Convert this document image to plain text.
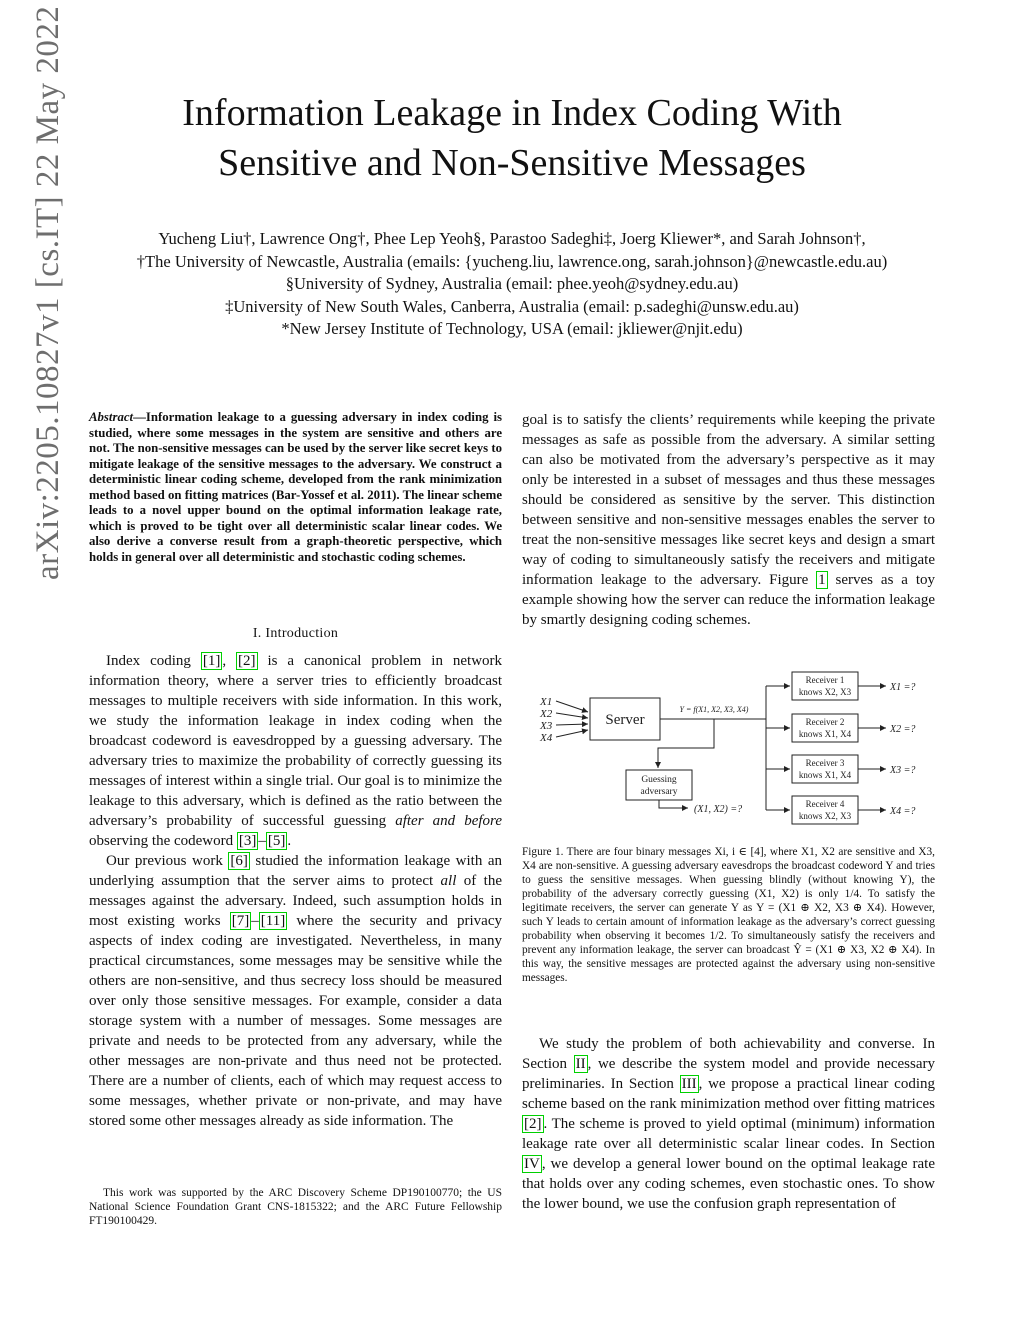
Information Leakage in Index Coding With
Sensitive and Non-Sensitive Messages
Yucheng Liu†, Lawrence Ong†, Phee Lep Yeoh§, Parastoo Sadeghi‡, Joerg Kliewer*, and Sarah Johnson†,
†The University of Newcastle, Australia (emails: {yucheng.liu, lawrence.ong, sarah.johnson}@newcastle.edu.au)
§University of Sydney, Australia (email: phee.yeoh@sydney.edu.au)
‡University of New South Wales, Canberra, Australia (email: p.sadeghi@unsw.edu.au)
*New Jersey Institute of Technology, USA (email: jkliewer@njit.edu)
arXiv:2205.10827v1 [cs.IT] 22 May 2022 Abstract—Information leakage to a guessing adversary in index coding is studied, where some messages in the system are sensitive and others are not. The non-sensitive messages can be used by the server like secret keys to mitigate leakage of the sensitive messages to the adversary. We construct a deterministic linear coding scheme, developed from the rank minimization method based on fitting matrices (Bar-Yossef et al. 2011). The linear scheme leads to a novel upper bound on the optimal information leakage rate, which is proved to be tight over all deterministic scalar linear codes. We also derive a converse result from a graph-theoretic perspective, which holds in general over all deterministic and stochastic coding schemes.
I. Introduction

Index coding [1] , [2] is a canonical problem in network information theory, where a server tries to efficiently broadcast messages to multiple receivers with side information. In this work, we study the information leakage in index coding when the broadcast codeword is eavesdropped by a guessing adversary. The adversary tries to maximize the probability of correctly guessing its messages of interest within a single trial. Our goal is to minimize the leakage to this adversary, which is defined as the ratio between the adversary’s probability of successful guessing after and before observing the codeword [3] – [5] .

Our previous work [6] studied the information leakage with an underlying assumption that the server aims to protect all of the messages against the adversary. Indeed, such assumption holds in most existing works [7] – [11] where the security and privacy aspects of index coding are investigated. Nevertheless, in many practical circumstances, some messages may be sensitive while the others are non-sensitive, and thus secrecy loss should be measured over only those sensitive messages. For example, consider a data storage system with a number of messages. Some messages are private and needs to be protected from any adversary, while the other messages are non-private and thus need not be protected. There are a number of clients, each of which may request access to some messages, whether private or non-private, and may have stored some other messages already as side information. The

This work was supported by the ARC Discovery Scheme DP190100770; the US National Science Foundation Grant CNS-1815322; and the ARC Future Fellowship FT190100429.
goal is to satisfy the clients’ requirements while keeping the private messages as safe as possible from the adversary. A similar setting can also be motivated from the adversary’s perspective as it may only be interested in a subset of messages and thus these messages should be considered as sensitive by the server. This distinction between sensitive and non-sensitive messages enables the server to treat the non-sensitive messages like secret keys and design a smart way of coding to simultaneously satisfy the receivers and mitigate information leakage to the adversary. Figure 1 serves as a toy example showing how the server can reduce the information leakage by smartly designing coding schemes.
X1
X2
X3
X4
Server
Y = f(X1, X2, X3, X4)
Guessing
adversary
(X1, X2) =?
Receiver 1
knows X2, X3	X1 =?
Receiver 2
knows X1, X4	X2 =?
Receiver 3
knows X1, X4	X3 =?
Receiver 4
knows X2, X3	X4 =?
Figure 1. There are four binary messages Xi, i ∈ [4], where X1, X2 are sensitive and X3, X4 are non-sensitive. A guessing adversary eavesdrops the broadcast codeword Y and tries to guess the sensitive messages. When guessing blindly (without knowing Y), the probability of the adversary correctly guessing (X1, X2) is only 1/4. To satisfy the legitimate receivers, the server can generate Y as Y = (X1 ⊕ X2, X3 ⊕ X4). However, such Y leads to certain amount of information leakage as the adversary’s correct guessing probability when observing it becomes 1/2. To simultaneously satisfy the receivers and prevent any information leakage, the server can broadcast Ŷ = (X1 ⊕ X3, X2 ⊕ X4). In this way, the sensitive messages are protected against the adversary using non-sensitive messages.

We study the problem of both achievability and converse. In Section II , we describe the system model and provide necessary preliminaries. In Section III , we propose a practical linear coding scheme based on the rank minimization method over fitting matrices [2] . The scheme is proved to yield optimal (minimum) information leakage rate over all deterministic scalar linear codes. In Section IV , we develop a general lower bound on the optimal leakage rate that holds over any coding schemes, even stochastic ones. To show the lower bound, we use the confusion graph representation of
